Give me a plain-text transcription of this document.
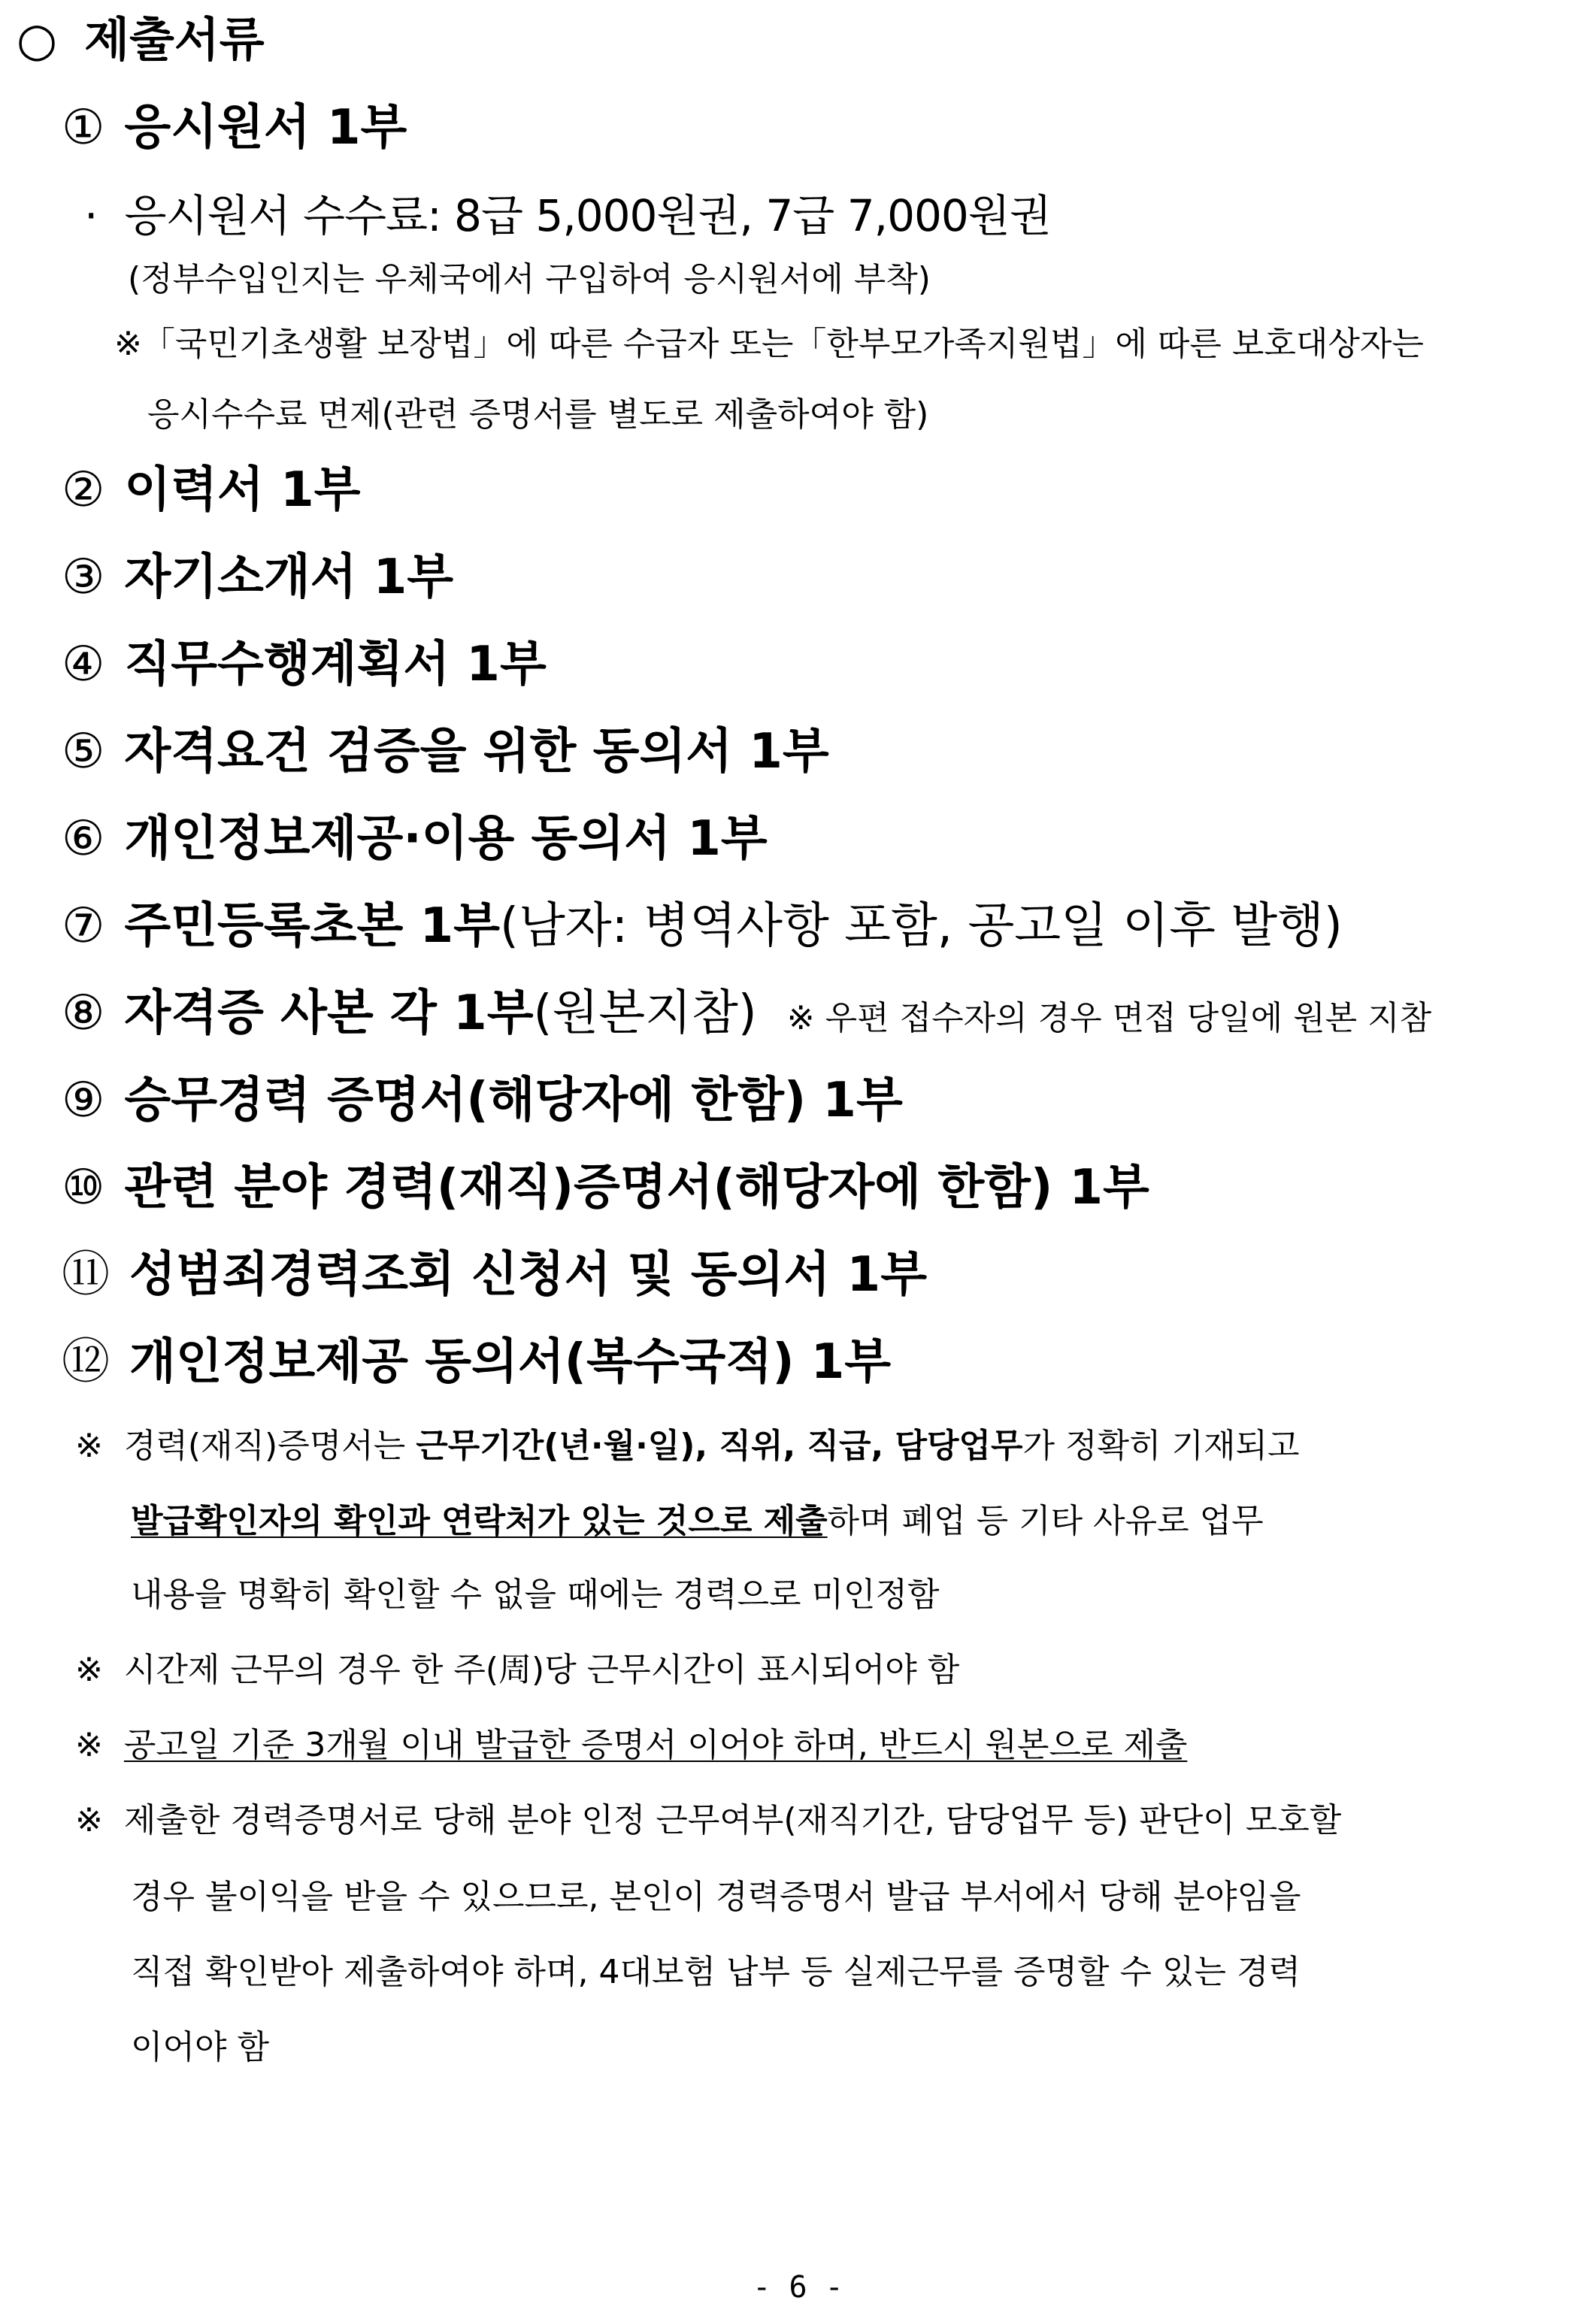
○ 제출서류
① 응시원서 1부
· 응시원서 수수료: 8급 5,000원권, 7급 7,000원권
(정부수입인지는 우체국에서 구입하여 응시원서에 부착)
※「국민기초생활 보장법」에 따른 수급자 또는「한부모가족지원법」에 따른 보호대상자는
응시수수료 면제(관련 증명서를 별도로 제출하여야 함)
② 이력서 1부
③ 자기소개서 1부
④ 직무수행계획서 1부
⑤ 자격요건 검증을 위한 동의서 1부
⑥ 개인정보제공·이용 동의서 1부
⑦ 주민등록초본 1부(남자: 병역사항 포함, 공고일 이후 발행)
⑧ 자격증 사본 각 1부(원본지참) ※ 우편 접수자의 경우 면접 당일에 원본 지참
⑨ 승무경력 증명서(해당자에 한함) 1부
⑩ 관련 분야 경력(재직)증명서(해당자에 한함) 1부
⑪ 성범죄경력조회 신청서 및 동의서 1부
⑫ 개인정보제공 동의서(복수국적) 1부
※ 경력(재직)증명서는 근무기간(년·월·일), 직위, 직급, 담당업무가 정확히 기재되고
발급확인자의 확인과 연락처가 있는 것으로 제출하며 폐업 등 기타 사유로 업무
내용을 명확히 확인할 수 없을 때에는 경력으로 미인정함
※ 시간제 근무의 경우 한 주(周)당 근무시간이 표시되어야 함
※ 공고일 기준 3개월 이내 발급한 증명서 이어야 하며, 반드시 원본으로 제출
※ 제출한 경력증명서로 당해 분야 인정 근무여부(재직기간, 담당업무 등) 판단이 모호할
경우 불이익을 받을 수 있으므로, 본인이 경력증명서 발급 부서에서 당해 분야임을
직접 확인받아 제출하여야 하며, 4대보험 납부 등 실제근무를 증명할 수 있는 경력
이어야 함
- 6 -
